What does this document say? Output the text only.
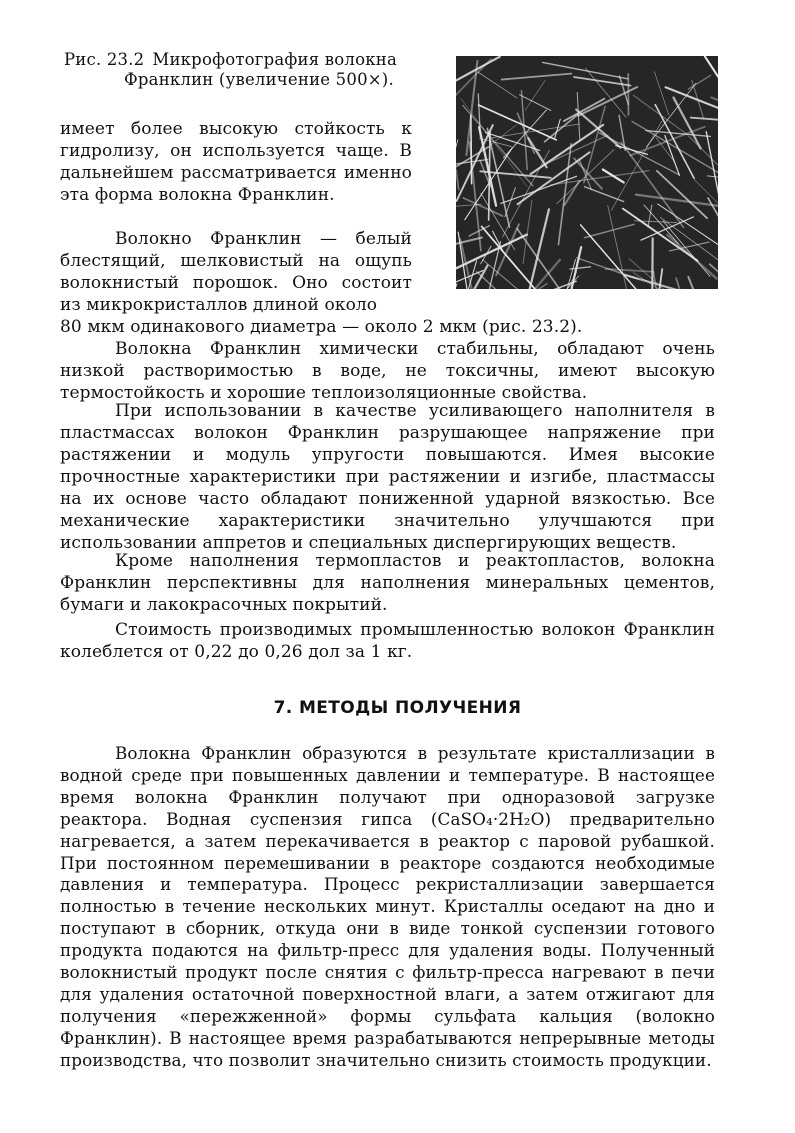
Рис. 23.2 Микрофотография волокна
Франклин (увеличение 500×).

имеет более высокую стойкость к гидролизу, он используется чаще. В дальнейшем рассматривается именно эта форма волокна Франклин.

Волокно Франклин — белый блестящий, шелковистый на ощупь волокнистый порошок. Оно состоит из микрокристаллов длиной около

80 мкм одинакового диаметра — около 2 мкм (рис. 23.2).

Волокна Франклин химически стабильны, обладают очень низкой растворимостью в воде, не токсичны, имеют высокую термостойкость и хорошие теплоизоляционные свойства.

При использовании в качестве усиливающего наполнителя в пластмассах волокон Франклин разрушающее напряжение при растяжении и модуль упругости повышаются. Имея высокие прочностные характеристики при растяжении и изгибе, пластмассы на их основе часто обладают пониженной ударной вязкостью. Все механические характеристики значительно улучшаются при использовании аппретов и специальных диспергирующих веществ.

Кроме наполнения термопластов и реактопластов, волокна Франклин перспективны для наполнения минеральных цементов, бумаги и лакокрасочных покрытий.

Стоимость производимых промышленностью волокон Франклин колеблется от 0,22 до 0,26 дол за 1 кг.

7. МЕТОДЫ ПОЛУЧЕНИЯ

Волокна Франклин образуются в результате кристаллизации в водной среде при повышенных давлении и температуре. В настоящее время волокна Франклин получают при одноразовой загрузке реактора. Водная суспензия гипса (CaSO₄·2H₂O) предварительно нагревается, а затем перекачивается в реактор с паровой рубашкой. При постоянном перемешивании в реакторе создаются необходимые давления и температура. Процесс рекристаллизации завершается полностью в течение нескольких минут. Кристаллы оседают на дно и поступают в сборник, откуда они в виде тонкой суспензии готового продукта подаются на фильтр-пресс для удаления воды. Полученный волокнистый продукт после снятия с фильтр-пресса нагревают в печи для удаления остаточной поверхностной влаги, а затем отжигают для получения «пережженной» формы сульфата кальция (волокно Франклин). В настоящее время разрабатываются непрерывные методы производства, что позволит значительно снизить стоимость продукции.
